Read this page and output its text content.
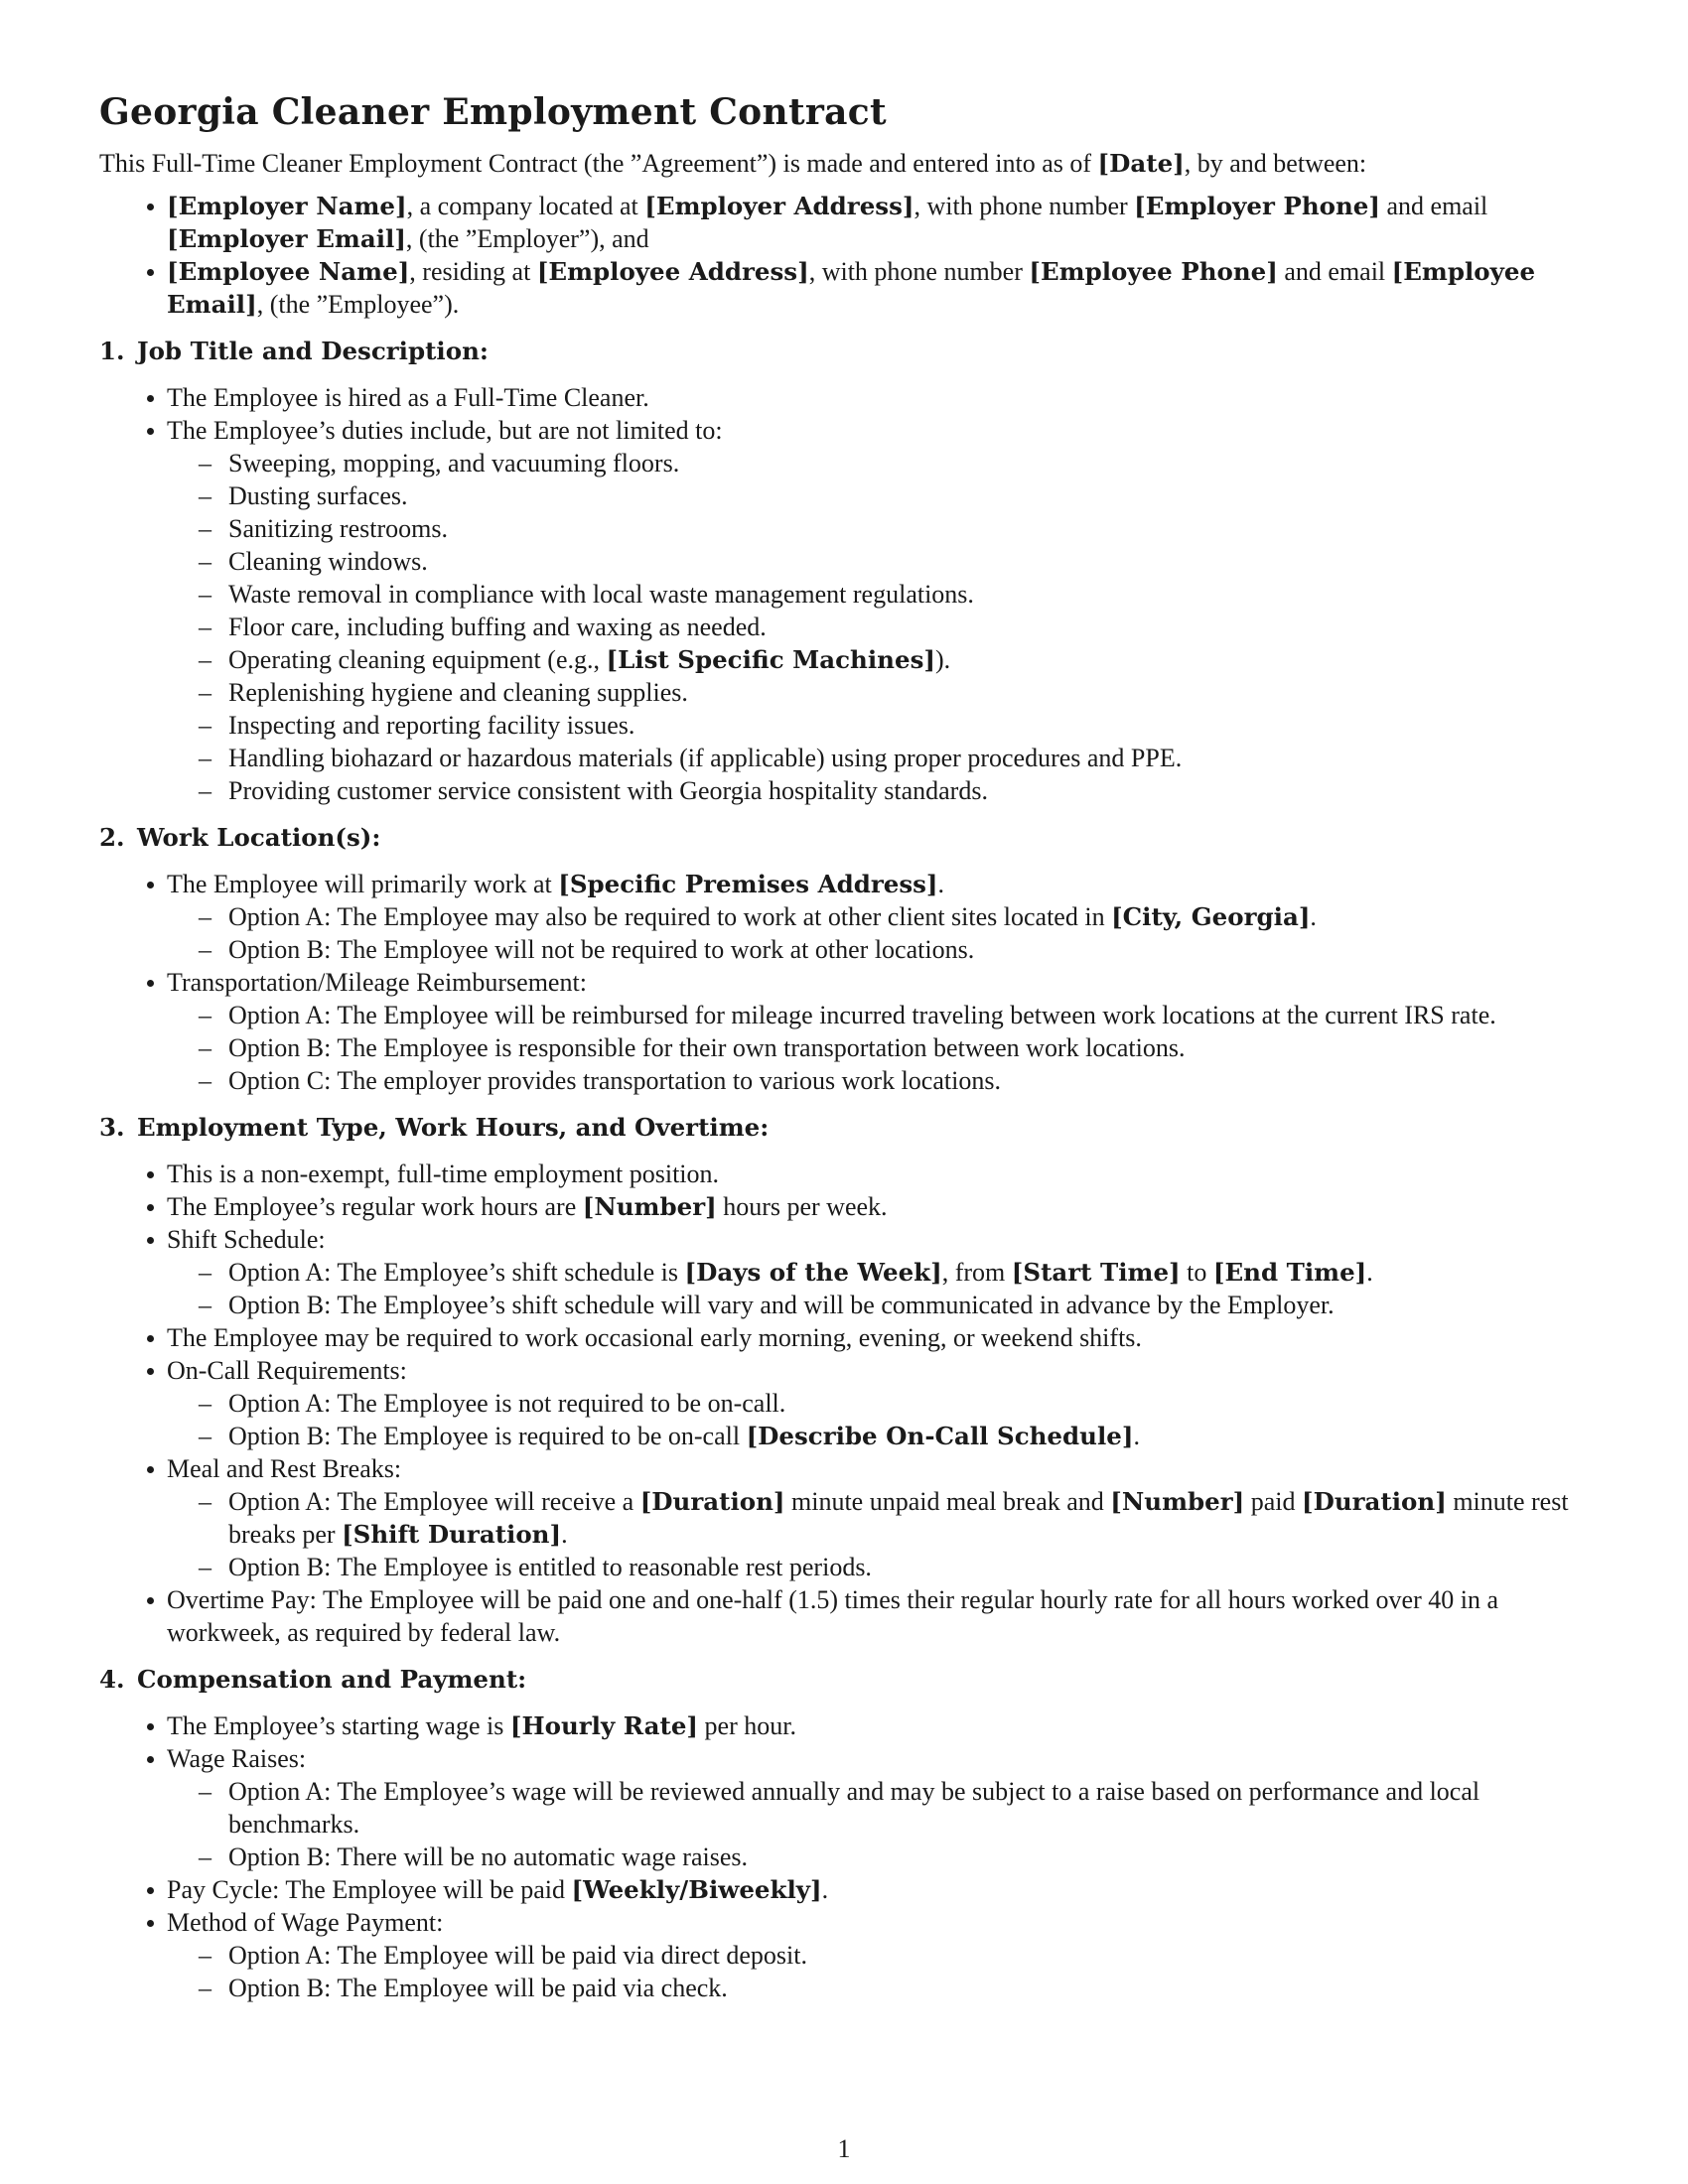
Georgia Cleaner Employment Contract

This Full-Time Cleaner Employment Contract (the ”Agreement”) is made and entered into as of [Date], by and between:

[Employer Name], a company located at [Employer Address], with phone number [Employer Phone] and email [Employer Email], (the ”Employer”), and
[Employee Name], residing at [Employee Address], with phone number [Employee Phone] and email [Employee Email], (the ”Employee”).
1. Job Title and Description:
The Employee is hired as a Full-Time Cleaner.
The Employee’s duties include, but are not limited to:
– Sweeping, mopping, and vacuuming floors.
– Dusting surfaces.
– Sanitizing restrooms.
– Cleaning windows.
– Waste removal in compliance with local waste management regulations.
– Floor care, including buffing and waxing as needed.
– Operating cleaning equipment (e.g., [List Specific Machines]).
– Replenishing hygiene and cleaning supplies.
– Inspecting and reporting facility issues.
– Handling biohazard or hazardous materials (if applicable) using proper procedures and PPE.
– Providing customer service consistent with Georgia hospitality standards.
2. Work Location(s):
The Employee will primarily work at [Specific Premises Address].
– Option A: The Employee may also be required to work at other client sites located in [City, Georgia].
– Option B: The Employee will not be required to work at other locations.
Transportation/Mileage Reimbursement:
– Option A: The Employee will be reimbursed for mileage incurred traveling between work locations at the current IRS rate.
– Option B: The Employee is responsible for their own transportation between work locations.
– Option C: The employer provides transportation to various work locations.
3. Employment Type, Work Hours, and Overtime:
This is a non-exempt, full-time employment position.
The Employee’s regular work hours are [Number] hours per week.
Shift Schedule:
– Option A: The Employee’s shift schedule is [Days of the Week], from [Start Time] to [End Time].
– Option B: The Employee’s shift schedule will vary and will be communicated in advance by the Employer.
The Employee may be required to work occasional early morning, evening, or weekend shifts.
On-Call Requirements:
– Option A: The Employee is not required to be on-call.
– Option B: The Employee is required to be on-call [Describe On-Call Schedule].
Meal and Rest Breaks:
– Option A: The Employee will receive a [Duration] minute unpaid meal break and [Number] paid [Duration] minute rest breaks per [Shift Duration].
– Option B: The Employee is entitled to reasonable rest periods.
Overtime Pay: The Employee will be paid one and one-half (1.5) times their regular hourly rate for all hours worked over 40 in a workweek, as required by federal law.
4. Compensation and Payment:
The Employee’s starting wage is [Hourly Rate] per hour.
Wage Raises:
– Option A: The Employee’s wage will be reviewed annually and may be subject to a raise based on performance and local benchmarks.
– Option B: There will be no automatic wage raises.
Pay Cycle: The Employee will be paid [Weekly/Biweekly].
Method of Wage Payment:
– Option A: The Employee will be paid via direct deposit.
– Option B: The Employee will be paid via check.
1
